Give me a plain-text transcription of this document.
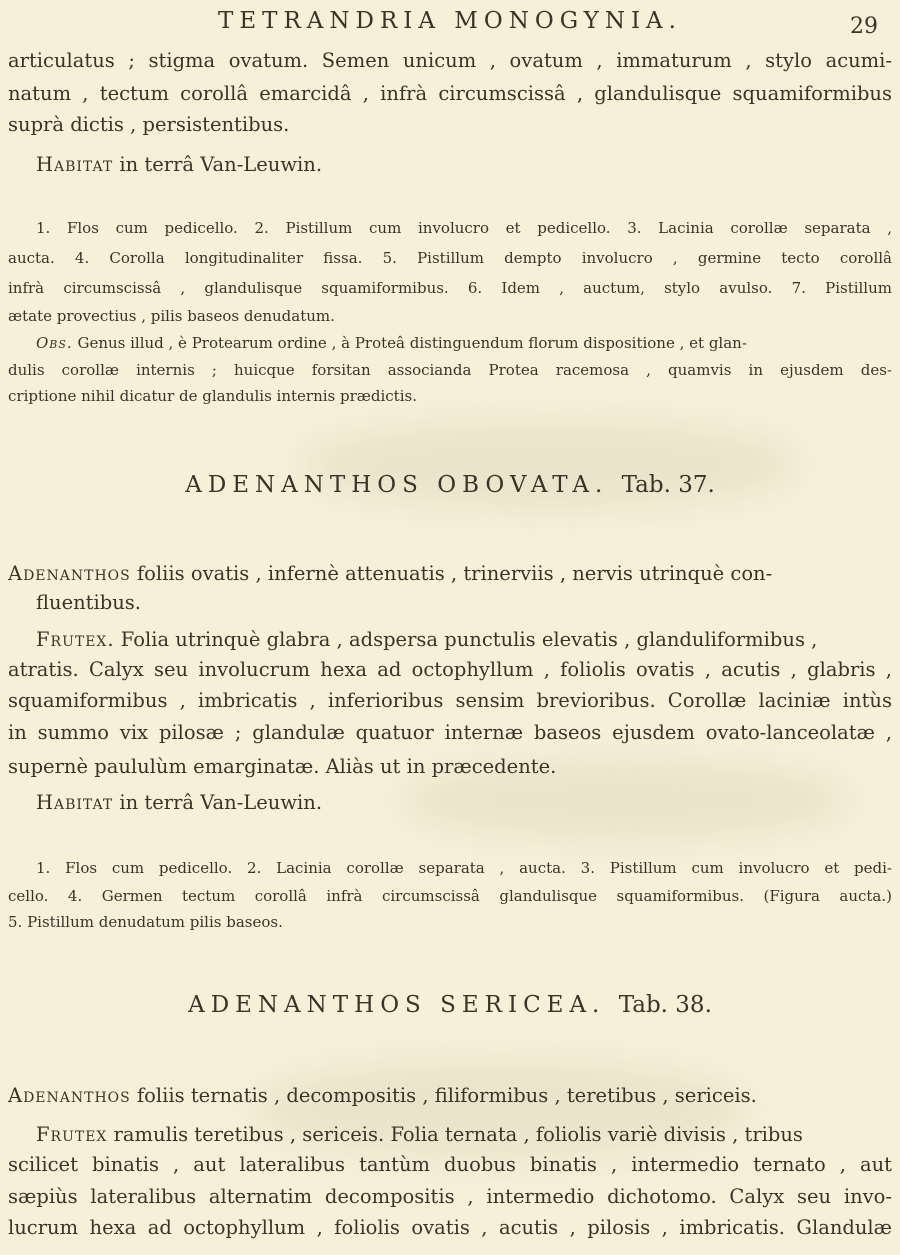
TETRANDRIA MONOGYNIA.	29
articulatus ; stigma ovatum. Semen unicum , ovatum , immaturum , stylo acumi-
natum , tectum corollâ emarcidâ , infrà circumscissâ , glandulisque squamiformibus
suprà dictis , persistentibus.
Habitat in terrâ Van-Leuwin.
1. Flos cum pedicello. 2. Pistillum cum involucro et pedicello. 3. Lacinia corollæ separata ,
aucta. 4. Corolla longitudinaliter fissa. 5. Pistillum dempto involucro , germine tecto corollâ
infrà circumscissâ , glandulisque squamiformibus. 6. Idem , auctum, stylo avulso. 7. Pistillum
ætate provectius , pilis baseos denudatum.
Obs. Genus illud , è Protearum ordine , à Proteâ distinguendum florum dispositione , et glan-
dulis corollæ internis ; huicque forsitan associanda Protea racemosa , quamvis in ejusdem des-
criptione nihil dicatur de glandulis internis prædictis.
ADENANTHOS OBOVATA. Tab. 37.
Adenanthos foliis ovatis , infernè attenuatis , trinerviis , nervis utrinquè con-
fluentibus.
Frutex. Folia utrinquè glabra , adspersa punctulis elevatis , glanduliformibus ,
atratis. Calyx seu involucrum hexa ad octophyllum , foliolis ovatis , acutis , glabris ,
squamiformibus , imbricatis , inferioribus sensim brevioribus. Corollæ laciniæ intùs
in summo vix pilosæ ; glandulæ quatuor internæ baseos ejusdem ovato-lanceolatæ ,
supernè paululùm emarginatæ. Aliàs ut in præcedente.
Habitat in terrâ Van-Leuwin.
1. Flos cum pedicello. 2. Lacinia corollæ separata , aucta. 3. Pistillum cum involucro et pedi-
cello. 4. Germen tectum corollâ infrà circumscissâ glandulisque squamiformibus. (Figura aucta.)
5. Pistillum denudatum pilis baseos.
ADENANTHOS SERICEA. Tab. 38.
Adenanthos foliis ternatis , decompositis , filiformibus , teretibus , sericeis.
Frutex ramulis teretibus , sericeis. Folia ternata , foliolis variè divisis , tribus
scilicet binatis , aut lateralibus tantùm duobus binatis , intermedio ternato , aut
sæpiùs lateralibus alternatim decompositis , intermedio dichotomo. Calyx seu invo-
lucrum hexa ad octophyllum , foliolis ovatis , acutis , pilosis , imbricatis. Glandulæ
